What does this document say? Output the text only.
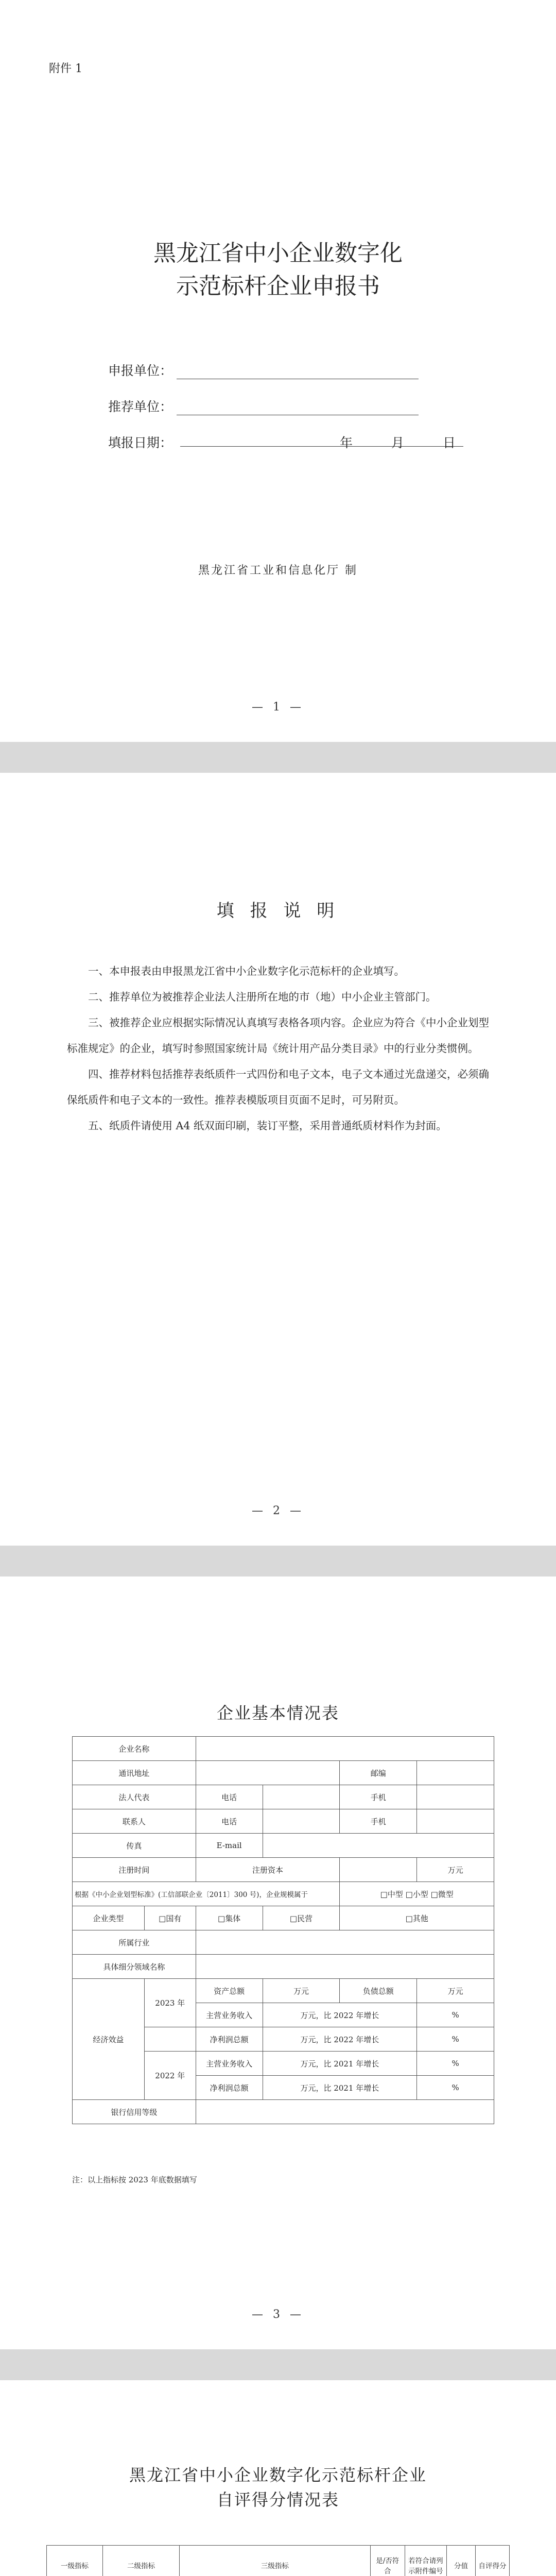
附件 1
黑龙江省中小企业数字化
示范标杆企业申报书
申报单位：
推荐单位：
填报日期：	年	月	日
黑龙江省工业和信息化厅 制
— 1 —
填 报 说 明

一、本申报表由申报黑龙江省中小企业数字化示范标杆的企业填写。

二、推荐单位为被推荐企业法人注册所在地的市（地）中小企业主管部门。

三、被推荐企业应根据实际情况认真填写表格各项内容。企业应为符合《中小企业划型标准规定》的企业，填写时参照国家统计局《统计用产品分类目录》中的行业分类惯例。

四、推荐材料包括推荐表纸质件一式四份和电子文本，电子文本通过光盘递交，必须确保纸质件和电子文本的一致性。推荐表模版项目页面不足时，可另附页。

五、纸质件请使用 A4 纸双面印刷，装订平整，采用普通纸质材料作为封面。

— 2 —
企业基本情况表
企业名称					
通讯地址				邮编	
法人代表		电话		手机	
联系人		电话		手机	
传真		E-mail			
注册时间		注册资本			万元
根据《中小企业划型标准》(工信部联企业〔2011〕300 号)，企业规模属于				□中型 □小型 □微型	
企业类型	□国有	□集体	□民营	□其他	
所属行业					
具体细分领域名称					
经济效益	2023 年	资产总额	万元	负债总额	万元
		主营业务收入	万元，比 2022 年增长		%
		净利润总额	万元，比 2022 年增长		%
	2022 年	主营业务收入	万元，比 2021 年增长		%
		净利润总额	万元，比 2021 年增长		%
银行信用等级					
注：以上指标按 2023 年底数据填写
— 3 —
黑龙江省中小企业数字化示范标杆企业
自评得分情况表
一级指标	二级指标	三级指标	是/否符合	若符合请列示附件编号	分值	自评得分
